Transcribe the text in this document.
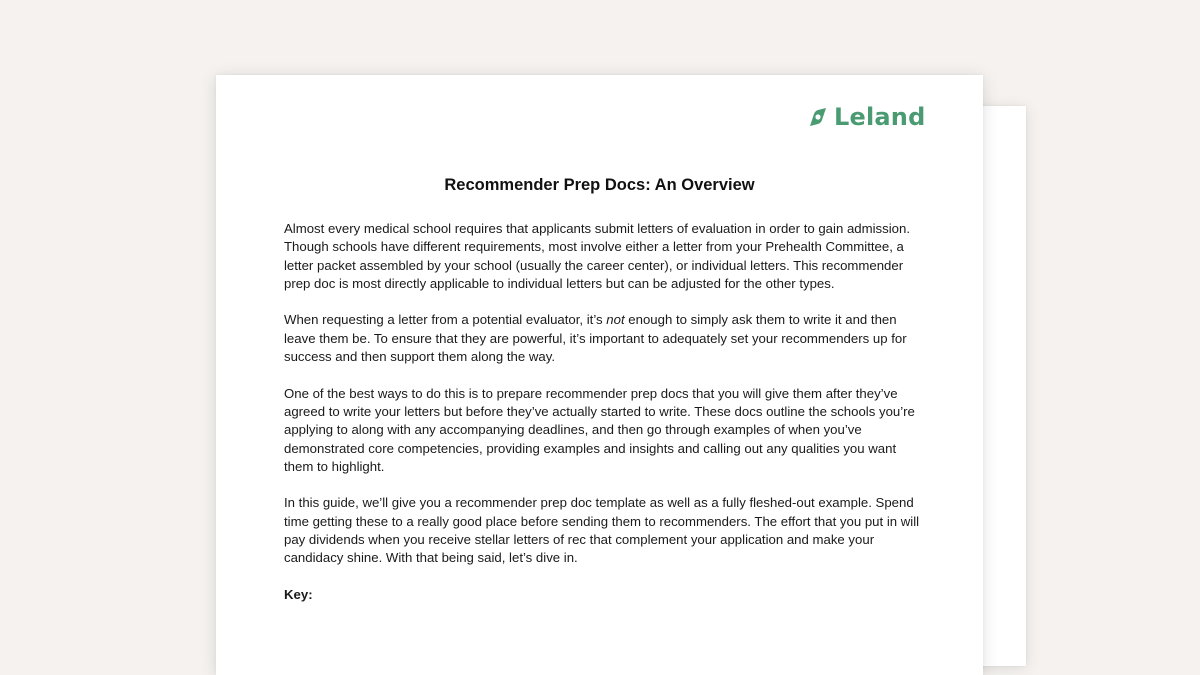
Leland
Recommender Prep Docs: An Overview

Almost every medical school requires that applicants submit letters of evaluation in order to gain admission. Though schools have different requirements, most involve either a letter from your Prehealth Committee, a letter packet assembled by your school (usually the career center), or individual letters. This recommender prep doc is most directly applicable to individual letters but can be adjusted for the other types.

When requesting a letter from a potential evaluator, it’s not enough to simply ask them to write it and then leave them be. To ensure that they are powerful, it’s important to adequately set your recommenders up for success and then support them along the way.

One of the best ways to do this is to prepare recommender prep docs that you will give them after they’ve agreed to write your letters but before they’ve actually started to write. These docs outline the schools you’re applying to along with any accompanying deadlines, and then go through examples of when you’ve demonstrated core competencies, providing examples and insights and calling out any qualities you want them to highlight.

In this guide, we’ll give you a recommender prep doc template as well as a fully fleshed-out example. Spend time getting these to a really good place before sending them to recommenders. The effort that you put in will pay dividends when you receive stellar letters of rec that complement your application and make your candidacy shine. With that being said, let’s dive in.

Key:
